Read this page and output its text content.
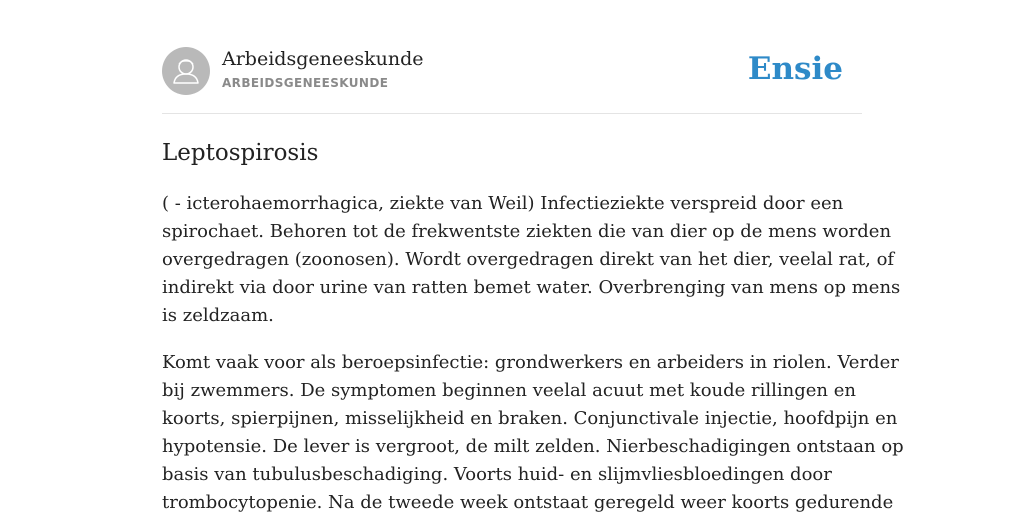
Arbeidsgeneeskunde
ARBEIDSGENEESKUNDE	Ensie
Leptospirosis

( - icterohaemorrhagica, ziekte van Weil) Infectieziekte verspreid door een
spirochaet. Behoren tot de frekwentste ziekten die van dier op de mens worden
overgedragen (zoonosen). Wordt overgedragen direkt van het dier, veelal rat, of
indirekt via door urine van ratten bemet water. Overbrenging van mens op mens
is zeldzaam.

Komt vaak voor als beroepsinfectie: grondwerkers en arbeiders in riolen. Verder
bij zwemmers. De symptomen beginnen veelal acuut met koude rillingen en
koorts, spierpijnen, misselijkheid en braken. Conjunctivale injectie, hoofdpijn en
hypotensie. De lever is vergroot, de milt zelden. Nierbeschadigingen ontstaan op
basis van tubulusbeschadiging. Voorts huid- en slijmvliesbloedingen door
trombocytopenie. Na de tweede week ontstaat geregeld weer koorts gedurende
